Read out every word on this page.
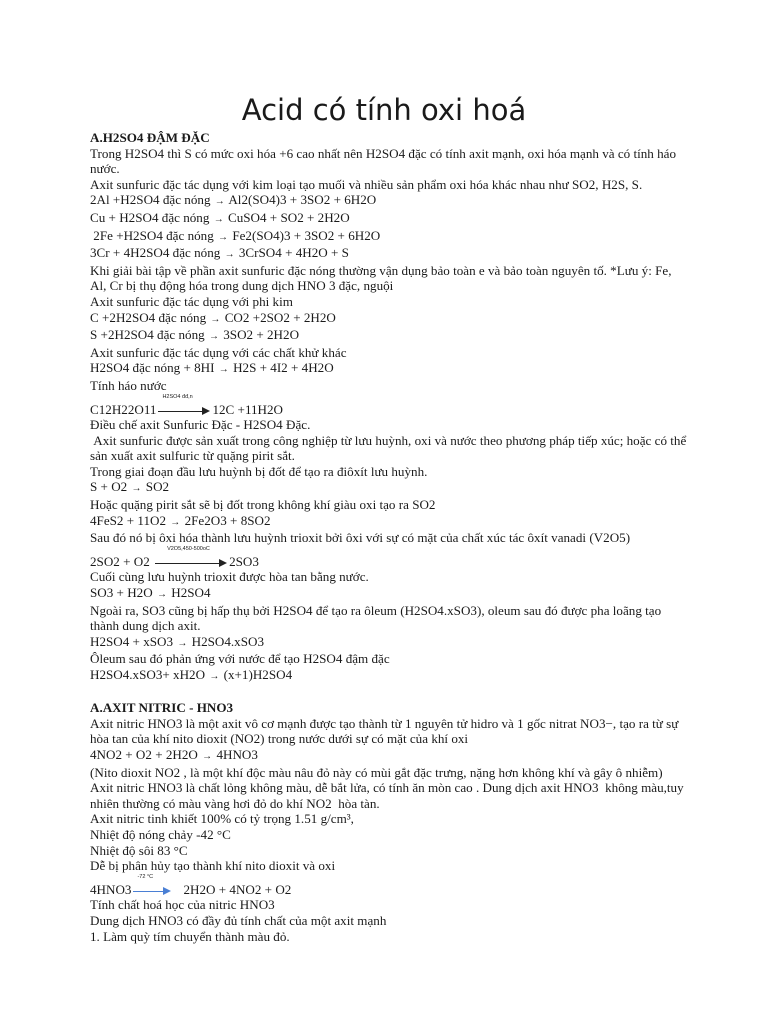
Acid có tính oxi hoá
A.H2SO4 ĐẬM ĐẶC
Trong H2SO4 thì S có mức oxi hóa +6 cao nhất nên H2SO4 đặc có tính axit mạnh, oxi hóa mạnh và có tính háo nước.
Axit sunfuric đặc tác dụng với kim loại tạo muối và nhiều sản phẩm oxi hóa khác nhau như SO2, H2S, S.
2Al +H2SO4 đặc nóng → Al2(SO4)3 + 3SO2 + 6H2O
Cu + H2SO4 đặc nóng → CuSO4 + SO2 + 2H2O
2Fe +H2SO4 đặc nóng → Fe2(SO4)3 + 3SO2 + 6H2O
3Cr + 4H2SO4 đặc nóng → 3CrSO4 + 4H2O + S
Khi giải bài tập về phần axit sunfuric đặc nóng thường vận dụng bảo toàn e và bảo toàn nguyên tố. *Lưu ý: Fe, Al, Cr bị thụ động hóa trong dung dịch HNO 3 đặc, nguội
Axit sunfuric đặc tác dụng với phi kim
C +2H2SO4 đặc nóng → CO2 +2SO2 + 2H2O
S +2H2SO4 đặc nóng → 3SO2 + 2H2O
Axit sunfuric đặc tác dụng với các chất khử khác
H2SO4 đặc nóng + 8HI → H2S + 4I2 + 4H2O
Tính háo nước
C12H22O11
H2SO4 đđ,n
12C +11H2O
Điều chế axit Sunfuric Đặc - H2SO4 Đặc.
Axit sunfuric được sản xuất trong công nghiệp từ lưu huỳnh, oxi và nước theo phương pháp tiếp xúc; hoặc có thể sản xuất axit sulfuric từ quặng pirit sắt.
Trong giai đoạn đầu lưu huỳnh bị đốt để tạo ra điôxít lưu huỳnh.
S + O2 → SO2
Hoặc quặng pirit sắt sẽ bị đốt trong không khí giàu oxi tạo ra SO2
4FeS2 + 11O2 → 2Fe2O3 + 8SO2
Sau đó nó bị ôxi hóa thành lưu huỳnh trioxit bởi ôxi với sự có mặt của chất xúc tác ôxít vanadi (V2O5)
2SO2 + O2
V2O5,450-500oC
2SO3
Cuối cùng lưu huỳnh trioxit được hòa tan bằng nước.
SO3 + H2O → H2SO4
Ngoài ra, SO3 cũng bị hấp thụ bởi H2SO4 để tạo ra ôleum (H2SO4.xSO3), oleum sau đó được pha loãng tạo thành dung dịch axit.
H2SO4 + xSO3 → H2SO4.xSO3
Ôleum sau đó phản ứng với nước để tạo H2SO4 đậm đặc
H2SO4.xSO3+ xH2O → (x+1)H2SO4
A.AXIT NITRIC - HNO3
Axit nitric HNO3 là một axit vô cơ mạnh được tạo thành từ 1 nguyên tử hidro và 1 gốc nitrat NO3−, tạo ra từ sự hòa tan của khí nito dioxit (NO2) trong nước dưới sự có mặt của khí oxi
4NO2 + O2 + 2H2O → 4HNO3
(Nito dioxit NO2 , là một khí độc màu nâu đỏ này có mùi gắt đặc trưng, nặng hơn không khí và gây ô nhiễm)
Axit nitric HNO3 là chất lỏng không màu, dễ bắt lửa, có tính ăn mòn cao . Dung dịch axit HNO3  không màu,tuy nhiên thường có màu vàng hơi đỏ do khí NO2  hòa tàn.
Axit nitric tinh khiết 100% có tỷ trọng 1.51 g/cm³,
Nhiệt độ nóng chảy -42 °C
Nhiệt độ sôi 83 °C
Dễ bị phân hủy tạo thành khí nito dioxit và oxi
4HNO3
-72 °C
2H2O + 4NO2 + O2
Tính chất hoá học của nitric HNO3
Dung dịch HNO3 có đầy đủ tính chất của một axit mạnh
1. Làm quỳ tím chuyển thành màu đỏ.
